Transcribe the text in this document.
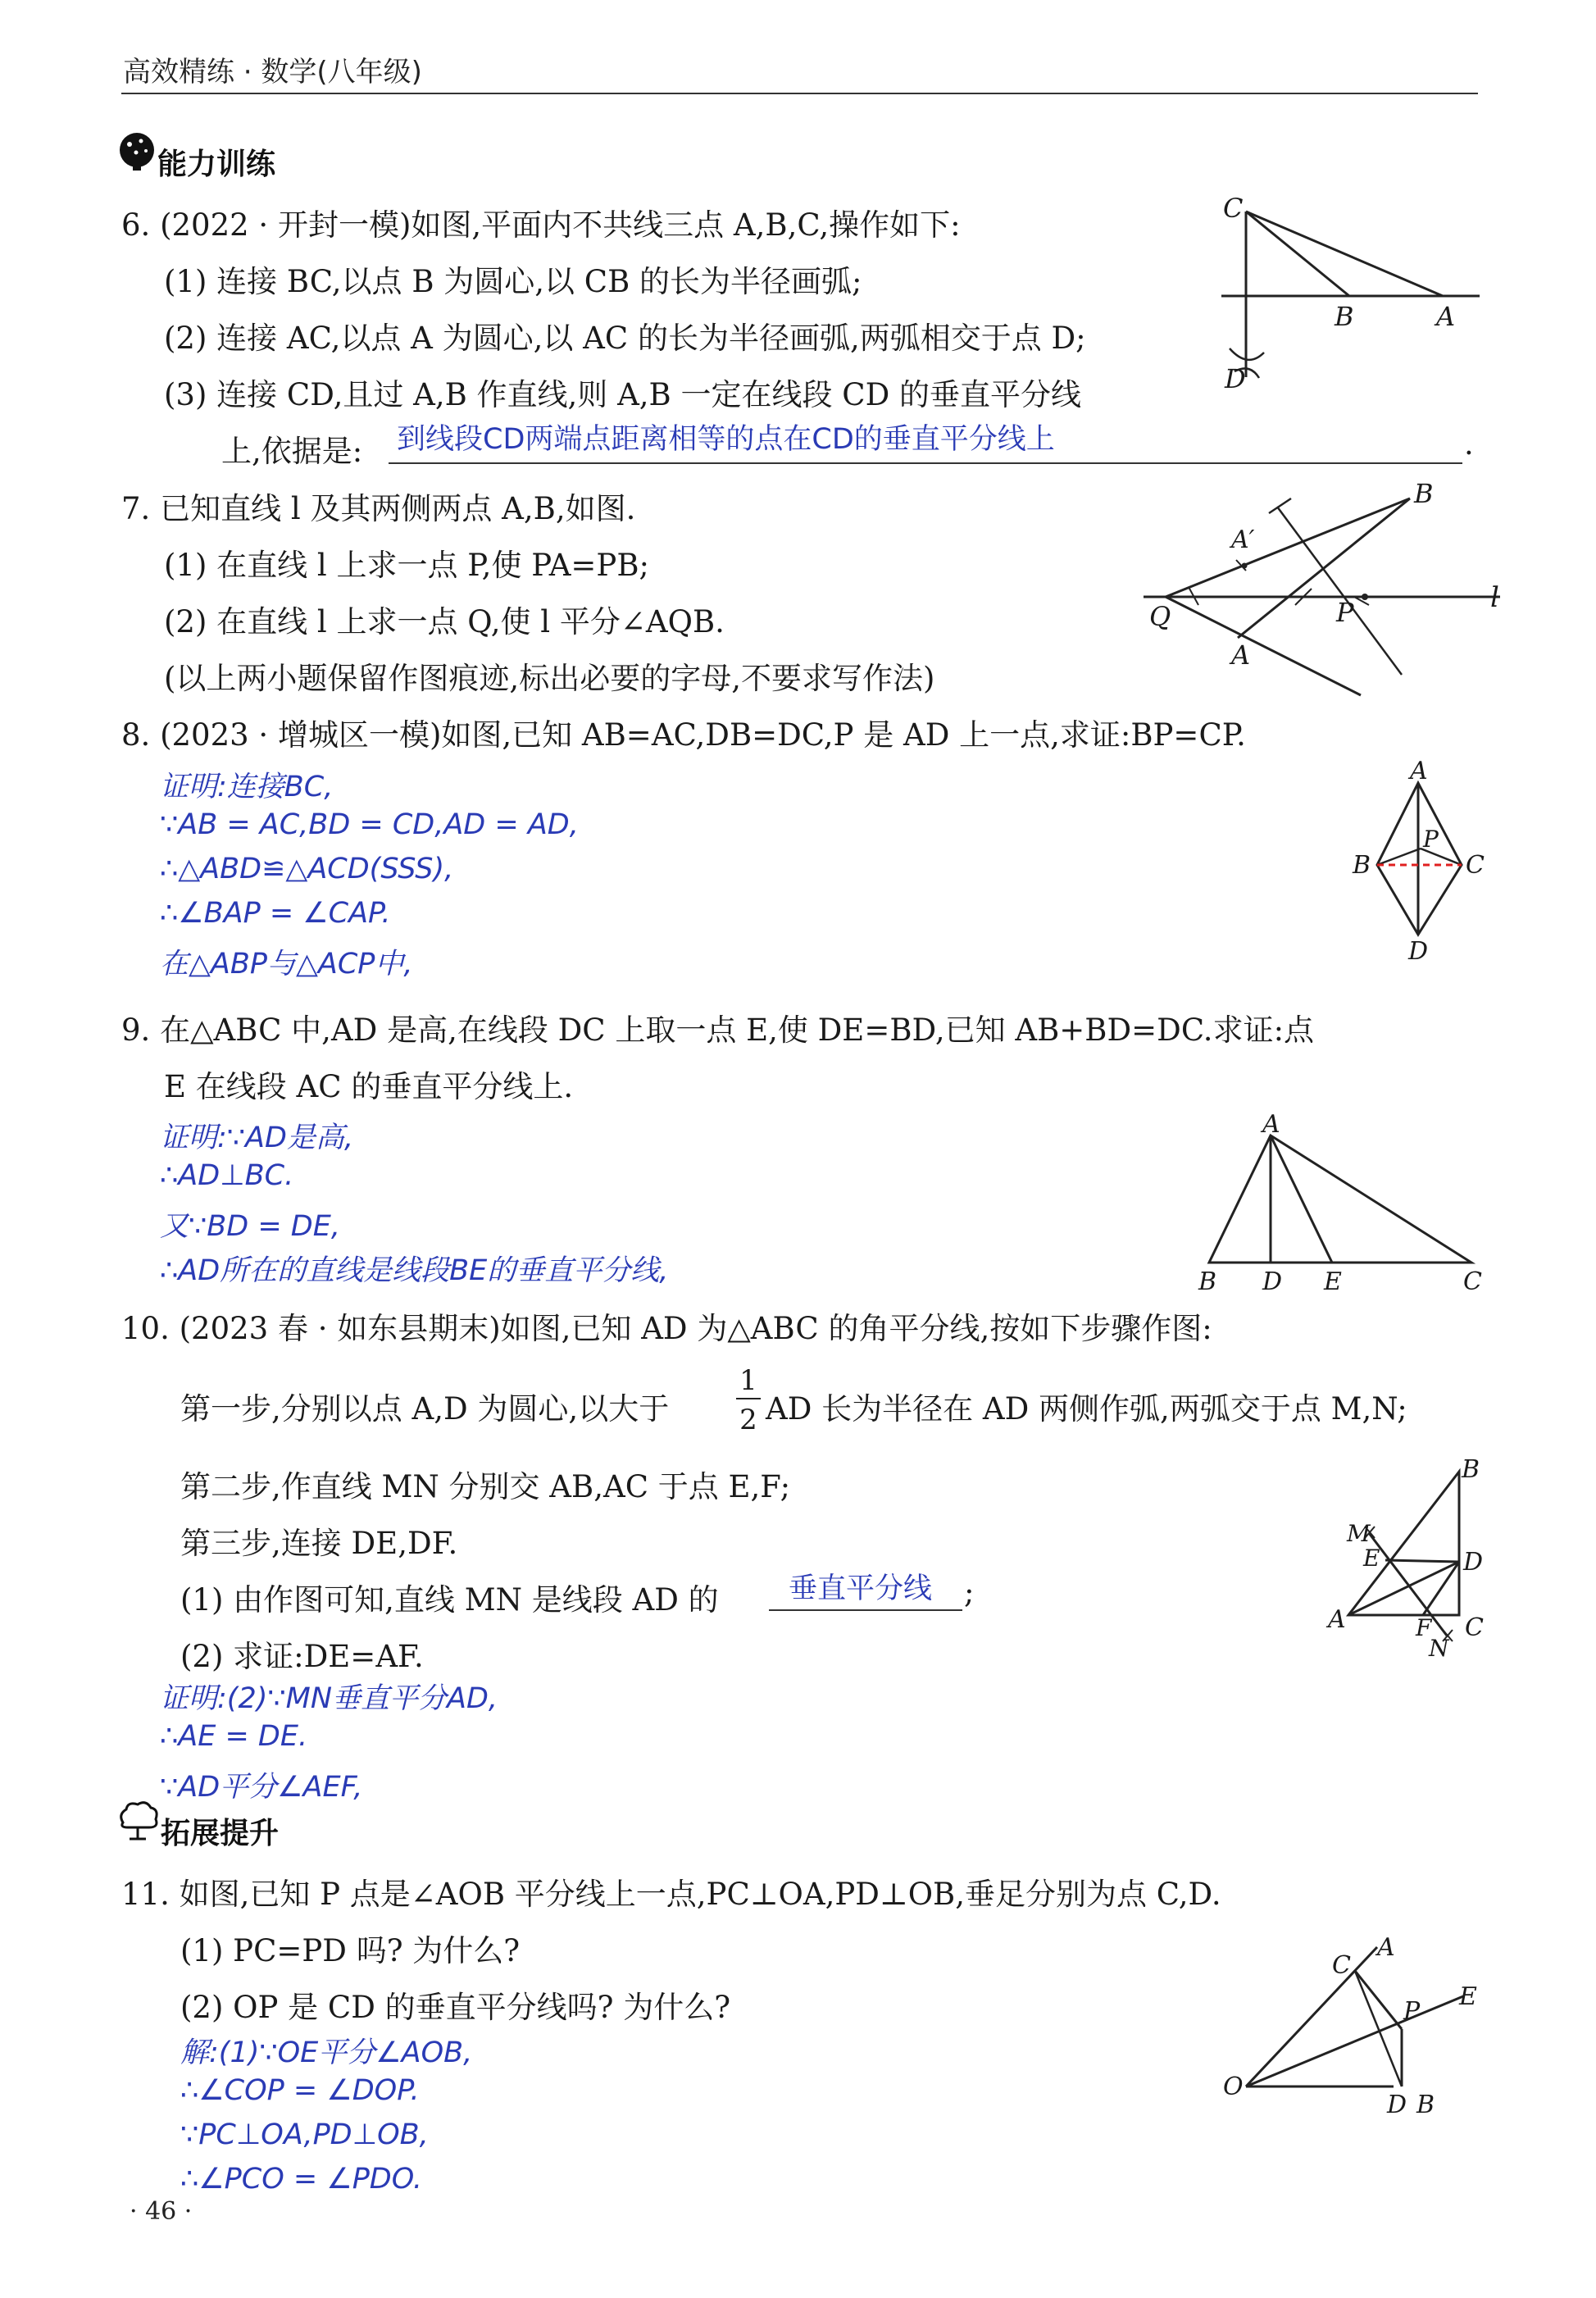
高效精练 · 数学(八年级)
能力训练
6. (2022 · 开封一模)如图,平面内不共线三点 A,B,C,操作如下:
(1) 连接 BC,以点 B 为圆心,以 CB 的长为半径画弧;
(2) 连接 AC,以点 A 为圆心,以 AC 的长为半径画弧,两弧相交于点 D;
(3) 连接 CD,且过 A,B 作直线,则 A,B 一定在线段 CD 的垂直平分线
上,依据是: 到线段CD两端点距离相等的点在CD的垂直平分线上	.
C
B	A
D
7. 已知直线 l 及其两侧两点 A,B,如图.
(1) 在直线 l 上求一点 P,使 PA=PB;
(2) 在直线 l 上求一点 Q,使 l 平分∠AQB.
(以上两小题保留作图痕迹,标出必要的字母,不要求写作法)
B
A′
l
Q	P
A
8. (2023 · 增城区一模)如图,已知 AB=AC,DB=DC,P 是 AD 上一点,求证:BP=CP.
证明:连接BC,
∵AB = AC,BD = CD,AD = AD,
∴△ABD≌△ACD(SSS),
∴∠BAP = ∠CAP.
在△ABP与△ACP中,
A
B
P
C
D
9. 在△ABC 中,AD 是高,在线段 DC 上取一点 E,使 DE=BD,已知 AB+BD=DC.求证:点
E 在线段 AC 的垂直平分线上.
证明:∵AD是高,
∴AD⊥BC.
又∵BD = DE,
∴AD所在的直线是线段BE的垂直平分线,
A
B D E	C
10. (2023 春 · 如东县期末)如图,已知 AD 为△ABC 的角平分线,按如下步骤作图:
第一步,分别以点 A,D 为圆心,以大于
1
2 AD 长为半径在 AD 两侧作弧,两弧交于点 M,N;
第二步,作直线 MN 分别交 AB,AC 于点 E,F;
第三步,连接 DE,DF.
(1) 由作图可知,直线 MN 是线段 AD 的 垂直平分线 ;
(2) 求证:DE=AF.
证明:(2)∵MN垂直平分AD,
∴AE = DE.
∵AD平分∠AEF,
B
M
E	D
A	F
N
C
拓展提升
11. 如图,已知 P 点是∠AOB 平分线上一点,PC⊥OA,PD⊥OB,垂足分别为点 C,D.
(1) PC=PD 吗? 为什么?
(2) OP 是 CD 的垂直平分线吗? 为什么?
解:(1)∵OE平分∠AOB,
∴∠COP = ∠DOP.
∵PC⊥OA,PD⊥OB,
∴∠PCO = ∠PDO.
A
C
P
E
O
D B
· 46 ·
